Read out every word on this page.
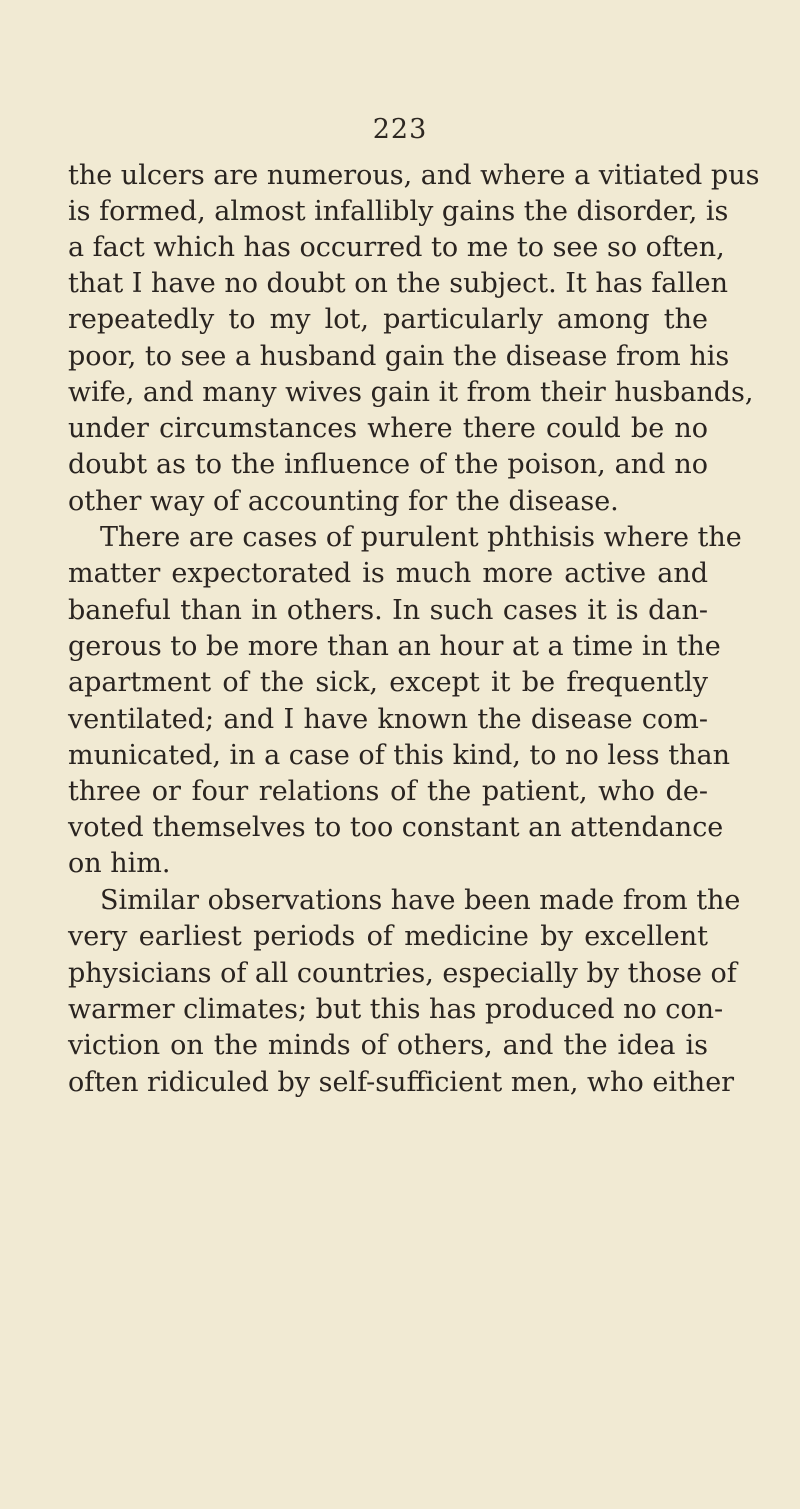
223
the ulcers are numerous, and where a vitiated pus
is formed, almost infallibly gains the disorder, is
a fact which has occurred to me to see so often,
that I have no doubt on the subject. It has fallen
repeatedly to my lot, particularly among the
poor, to see a husband gain the disease from his
wife, and many wives gain it from their husbands,
under circumstances where there could be no
doubt as to the influence of the poison, and no
other way of accounting for the disease.
There are cases of purulent phthisis where the
matter expectorated is much more active and
baneful than in others. In such cases it is dan-
gerous to be more than an hour at a time in the
apartment of the sick, except it be frequently
ventilated; and I have known the disease com-
municated, in a case of this kind, to no less than
three or four relations of the patient, who de-
voted themselves to too constant an attendance
on him.
Similar observations have been made from the
very earliest periods of medicine by excellent
physicians of all countries, especially by those of
warmer climates; but this has produced no con-
viction on the minds of others, and the idea is
often ridiculed by self-sufficient men, who either
